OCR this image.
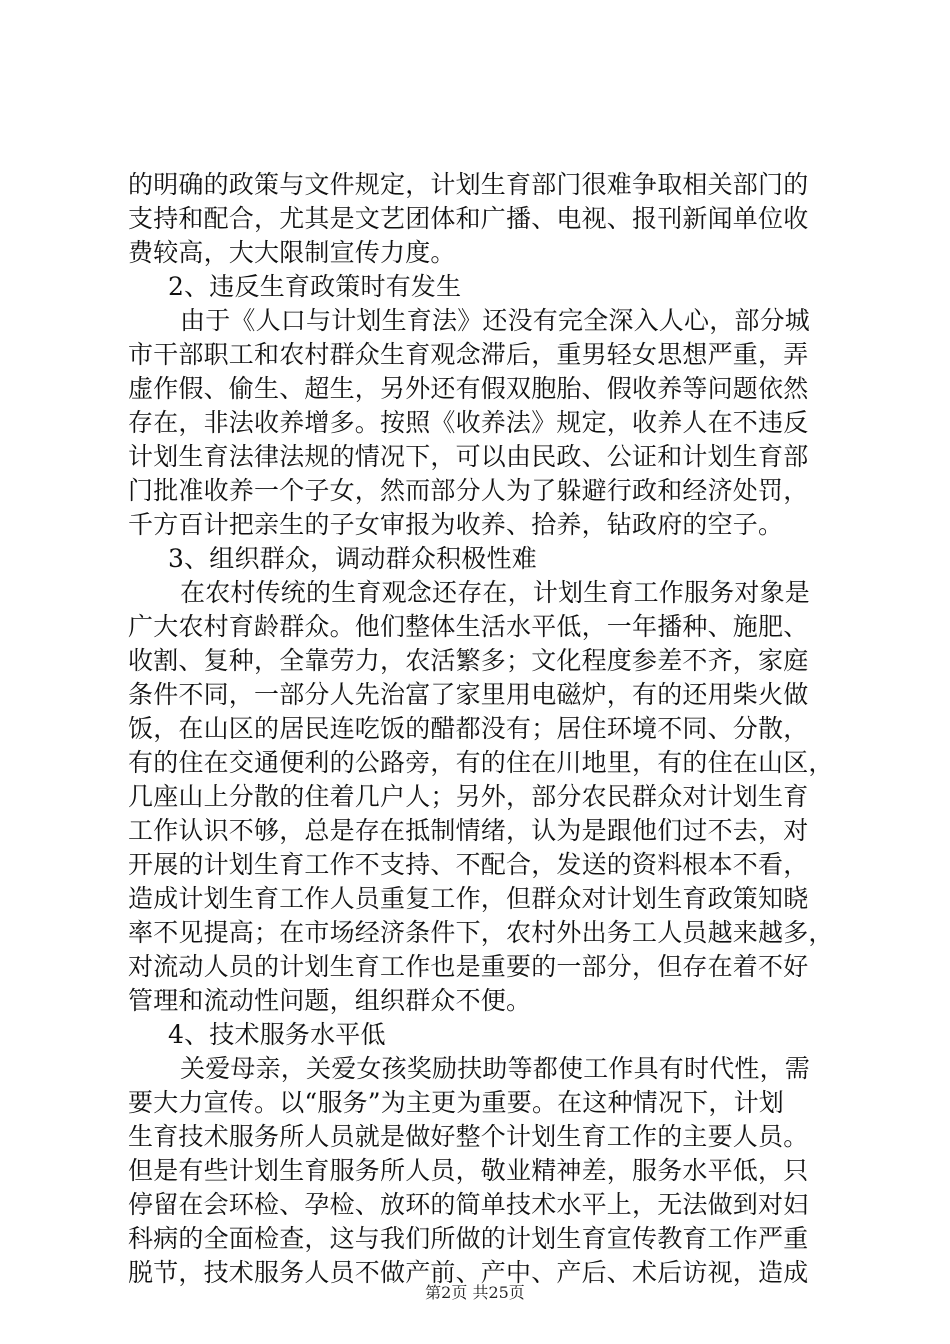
的明确的政策与文件规定，计划生育部门很难争取相关部门的
支持和配合，尤其是文艺团体和广播、电视、报刊新闻单位收
费较高，大大限制宣传力度。
2、违反生育政策时有发生
由于《人口与计划生育法》还没有完全深入人心，部分城
市干部职工和农村群众生育观念滞后，重男轻女思想严重，弄
虚作假、偷生、超生，另外还有假双胞胎、假收养等问题依然
存在，非法收养增多。按照《收养法》规定，收养人在不违反
计划生育法律法规的情况下，可以由民政、公证和计划生育部
门批准收养一个子女，然而部分人为了躲避行政和经济处罚，
千方百计把亲生的子女审报为收养、拾养，钻政府的空子。
3、组织群众，调动群众积极性难
在农村传统的生育观念还存在，计划生育工作服务对象是
广大农村育龄群众。他们整体生活水平低，一年播种、施肥、
收割、复种，全靠劳力，农活繁多；文化程度参差不齐，家庭
条件不同，一部分人先治富了家里用电磁炉，有的还用柴火做
饭，在山区的居民连吃饭的醋都没有；居住环境不同、分散，
有的住在交通便利的公路旁，有的住在川地里，有的住在山区，
几座山上分散的住着几户人；另外，部分农民群众对计划生育
工作认识不够，总是存在抵制情绪，认为是跟他们过不去，对
开展的计划生育工作不支持、不配合，发送的资料根本不看，
造成计划生育工作人员重复工作，但群众对计划生育政策知晓
率不见提高；在市场经济条件下，农村外出务工人员越来越多，
对流动人员的计划生育工作也是重要的一部分，但存在着不好
管理和流动性问题，组织群众不便。
4、技术服务水平低
关爱母亲，关爱女孩奖励扶助等都使工作具有时代性，需
要大力宣传。以“服务”为主更为重要。在这种情况下，计划
生育技术服务所人员就是做好整个计划生育工作的主要人员。
但是有些计划生育服务所人员，敬业精神差，服务水平低，只
停留在会环检、孕检、放环的简单技术水平上，无法做到对妇
科病的全面检查，这与我们所做的计划生育宣传教育工作严重
脱节，技术服务人员不做产前、产中、产后、术后访视，造成
第2页 共25页
